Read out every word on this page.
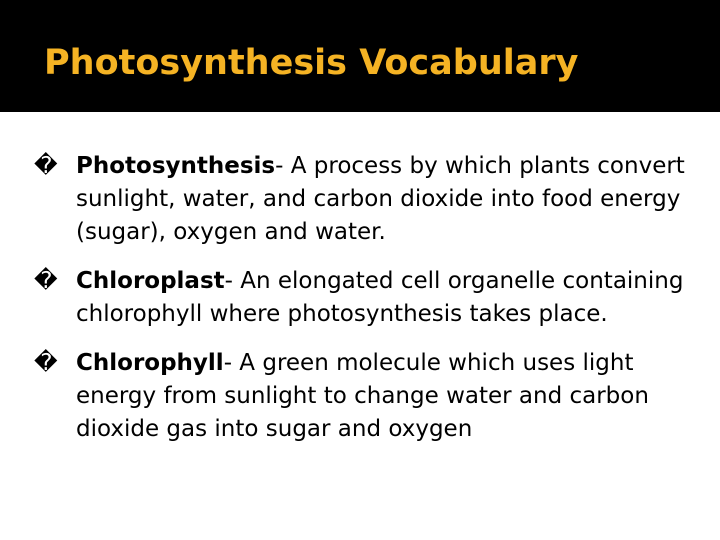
Photosynthesis Vocabulary
� Photosynthesis- A process by which plants convert sunlight, water, and carbon dioxide into food energy (sugar), oxygen and water.
� Chloroplast- An elongated cell organelle containing chlorophyll where photosynthesis takes place.
� Chlorophyll- A green molecule which uses light energy from sunlight to change water and carbon dioxide gas into sugar and oxygen
